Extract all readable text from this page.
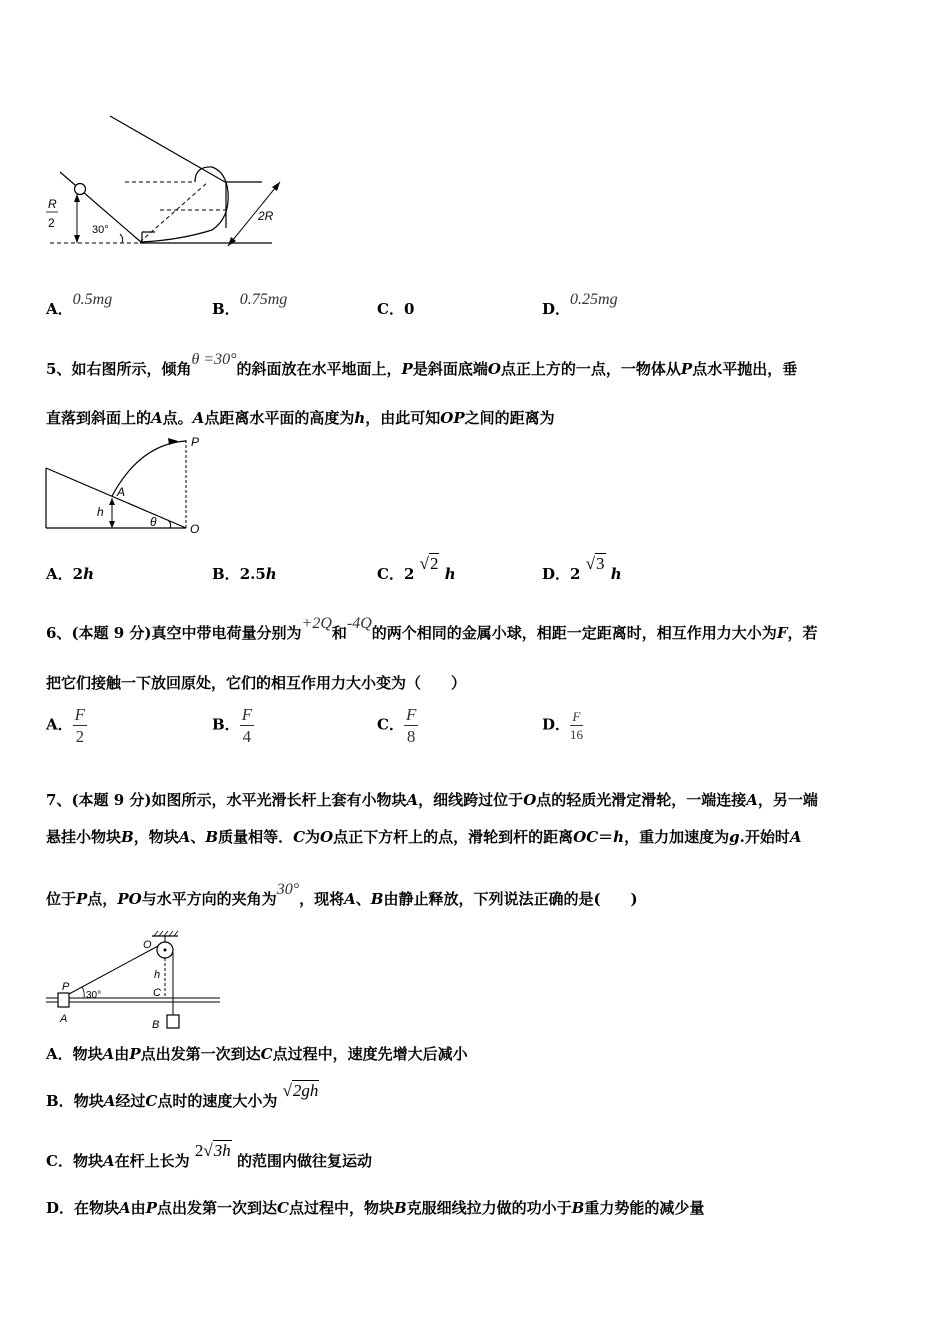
R
2	30°
2R
A．0.5mg
B．0.75mg
C．0	D．0.25mg
5、如右图所示，倾角θ =30°的斜面放在水平地面上，P是斜面底端O点正上方的一点，一物体从P点水平抛出，垂
直落到斜面上的A点。A点距离水平面的高度为h，由此可知OP之间的距离为
P
A
h
θ	O
A．2h	B．2.5h	C．2 √2 h	D．2 √3 h
6、(本题 9 分)真空中带电荷量分别为+2Q和-4Q的两个相同的金属小球，相距一定距离时，相互作用力大小为F，若
把它们接触一下放回原处，它们的相互作用力大小变为（　　）
A． $\frac{F}{2}$	B． $\frac{F}{4}$	C． $\frac{F}{8}$	D． $\frac{F}{16}$
7、(本题 9 分)如图所示，水平光滑长杆上套有小物块A，细线跨过位于O点的轻质光滑定滑轮，一端连接A，另一端
悬挂小物块B，物块A、B质量相等．C为O点正下方杆上的点，滑轮到杆的距离OC＝h，重力加速度为g.开始时A
位于P点，PO与水平方向的夹角为30°，现将A、B由静止释放，下列说法正确的是(　　)
O
P
h
30°	C
A	B
A．物块A由P点出发第一次到达C点过程中，速度先增大后减小
B．物块A经过C点时的速度大小为 √2gh
C．物块A在杆上长为 2√3h 的范围内做往复运动
D．在物块A由P点出发第一次到达C点过程中，物块B克服细线拉力做的功小于B重力势能的减少量
